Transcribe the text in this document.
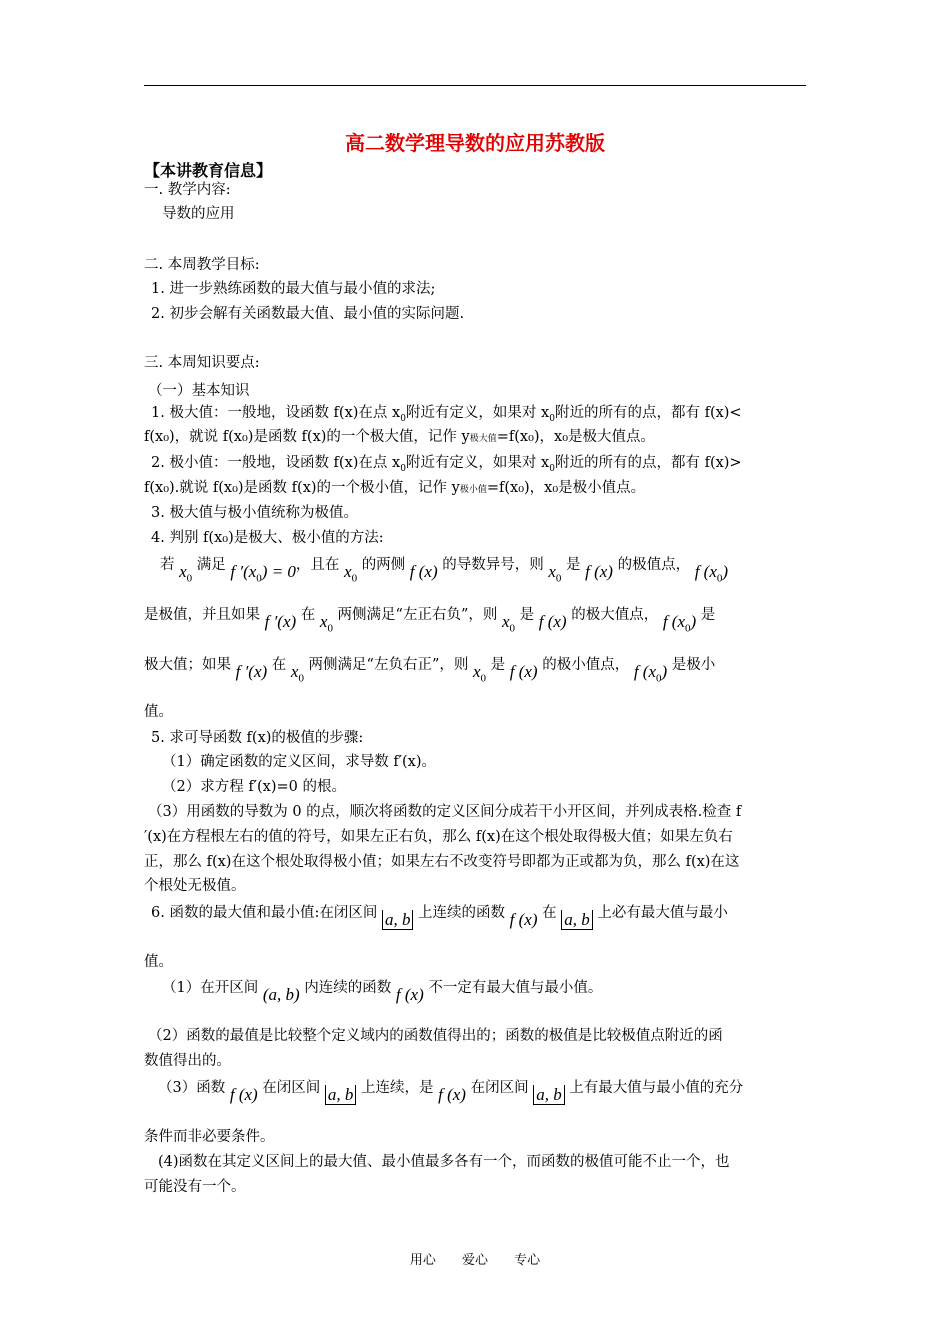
高二数学理导数的应用苏教版
【本讲教育信息】
一. 教学内容:
导数的应用
二. 本周教学目标:
1. 进一步熟练函数的最大值与最小值的求法;
2. 初步会解有关函数最大值、最小值的实际问题.
三. 本周知识要点:
（一）基本知识
1. 极大值：一般地，设函数 f(x)在点 $x_0$附近有定义，如果对 $x_0$附近的所有的点，都有 f(x)<
f(x₀)，就说 f(x₀)是函数 f(x)的一个极大值，记作 y极大值=f(x₀)，x₀是极大值点。
2. 极小值：一般地，设函数 f(x)在点 $x_0$附近有定义，如果对 $x_0$附近的所有的点，都有 f(x)>
f(x₀).就说 f(x₀)是函数 f(x)的一个极小值，记作 y极小值=f(x₀)，x₀是极小值点。
3. 极大值与极小值统称为极值。
4. 判别 f(x₀)是极大、极小值的方法:
若 $x_0$ 满足 f $'(x_0) = 0$，且在 $x_0$ 的两侧 f (x) 的导数异号，则 $x_0$ 是 f (x) 的极值点， f $(x_0)$
是极值，并且如果 f ′(x) 在 $x_0$ 两侧满足“左正右负”，则 $x_0$ 是 f (x) 的极大值点， f $(x_0)$ 是
极大值；如果 f ′(x) 在 $x_0$ 两侧满足“左负右正”，则 $x_0$ 是 f (x) 的极小值点， f $(x_0)$ 是极小
值。
5. 求可导函数 f(x)的极值的步骤:
（1）确定函数的定义区间，求导数 f′(x)。
（2）求方程 f′(x)=0 的根。
（3）用函数的导数为 0 的点，顺次将函数的定义区间分成若干小开区间，并列成表格.检查 f
′(x)在方程根左右的值的符号，如果左正右负，那么 f(x)在这个根处取得极大值；如果左负右
正，那么 f(x)在这个根处取得极小值；如果左右不改变符号即都为正或都为负，那么 f(x)在这
个根处无极值。
6. 函数的最大值和最小值:在闭区间 a, b 上连续的函数 f (x) 在 a, b 上必有最大值与最小
值。
（1）在开区间 (a, b) 内连续的函数 f (x) 不一定有最大值与最小值。
（2）函数的最值是比较整个定义域内的函数值得出的；函数的极值是比较极值点附近的函
数值得出的。
（3）函数 f (x) 在闭区间 a, b 上连续，是 f (x) 在闭区间 a, b 上有最大值与最小值的充分
条件而非必要条件。
(4)函数在其定义区间上的最大值、最小值最多各有一个，而函数的极值可能不止一个，也
可能没有一个。
用心 爱心 专心
